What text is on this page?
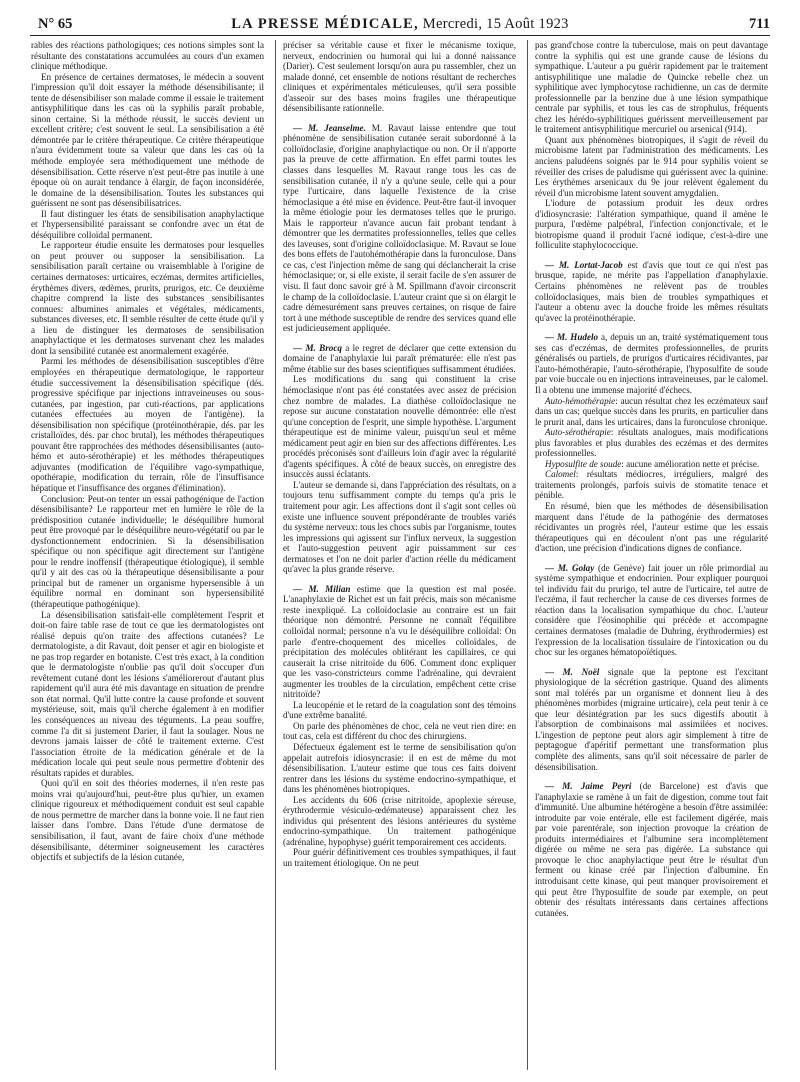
N° 65	LA PRESSE MÉDICALE, Mercredi, 15 Août 1923	711

rables des réactions pathologiques; ces notions simples sont la résultante des constatations accumulées au cours d'un examen clinique méthodique.

En présence de certaines dermatoses, le médecin a souvent l'impression qu'il doit essayer la méthode désensibilisante; il tente de désensibiliser son malade comme il essaie le traitement antisyphilitique dans les cas où la syphilis paraît probable, sinon certaine. Si la méthode réussit, le succès devient un excellent critère; c'est souvent le seul. La sensibilisation a été démontrée par le critère thérapeutique. Ce critère thérapeutique n'aura évidemment toute sa valeur que dans les cas où la méthode employée sera méthodiquement une méthode de désensibilisation. Cette réserve n'est peut-être pas inutile à une époque où on aurait tendance à élargir, de façon inconsidérée, le domaine de la désensibilisation. Toutes les substances qui guérissent ne sont pas désensibilisatrices.

Il faut distinguer les états de sensibilisation anaphylactique et l'hypersensibilité paraissant se confondre avec un état de déséquilibre colloïdal permanent.

Le rapporteur étudie ensuite les dermatoses pour lesquelles on peut prouver ou supposer la sensibilisation. La sensibilisation paraît certaine ou vraisemblable à l'origine de certaines dermatoses: urticaires, eczémas, dermites artificielles, érythèmes divers, œdèmes, prurits, prurigos, etc. Ce deuxième chapitre comprend la liste des substances sensibilisantes connues: albumines animales et végétales, médicaments, substances diverses, etc. Il semble résulter de cette étude qu'il y a lieu de distinguer les dermatoses de sensibilisation anaphylactique et les dermatoses survenant chez les malades dont la sensibilité cutanée est anormalement exagérée.

Parmi les méthodes de désensibilisation susceptibles d'être employées en thérapeutique dermatologique, le rapporteur étudie successivement la désensibilisation spécifique (dés. progressive spécifique par injections intraveineuses ou sous-cutanées, par ingestion, par cuti-réactions, par applications cutanées effectuées au moyen de l'antigène). la désensibilisation non spécifique (protéinothérapie, dés. par les cristalloïdes, dés. par choc brutal), les méthodes thérapeutiques pouvant être rapprochées des méthodes désensibilisantes (auto-hémo et auto-sérothérapie) et les méthodes thérapeutiques adjuvantes (modification de l'équilibre vago-sympathique, opothérapie, modification du terrain, rôle de l'insuffisance hépatique et l'insuffisance des organes d'élimination).

Conclusion: Peut-on tenter un essai pathogénique de l'action désensibilisante? Le rapporteur met en lumière le rôle de la prédisposition cutanée individuelle; le déséquilibre humoral peut être provoqué par le déséquilibre neuro-végétatif ou par le dysfonctionnement endocrinien. Si la désensibilisation spécifique ou non spécifique agit directement sur l'antigène pour le rendre inoffensif (thérapeutique étiologique), il semble qu'il y ait des cas où la thérapeutique désensibilisante a pour principal but de ramener un organisme hypersensible à un équilibre normal en dominant son hypersensibilité (thérapeutique pathogénique).

La désensibilisation satisfait-elle complètement l'esprit et doit-on faire table rase de tout ce que les dermatologistes ont réalisé depuis qu'on traite des affections cutanées? Le dermatologiste, a dit Ravaut, doit penser et agir en biologiste et ne pas trop regarder en botaniste. C'est très exact, à la condition que le dermatologiste n'oublie pas qu'il doit s'occuper d'un revêtement cutané dont les lésions s'améliorerout d'autant plus rapidement qu'il aura été mis davantage en situation de prendre son état normal. Qu'il lutte contre la cause profonde et souvent mystérieuse, soit, mais qu'il cherche également à en modifier les conséquences au niveau des téguments. La peau souffre, comme l'a dit si justement Darier, il faut la soulager. Nous ne devrons jamais laisser de côté le traitement externe. C'est l'association étroite de la médication générale et de la médication locale qui peut seule nous permettre d'obtenir des résultats rapides et durables.

Quoi qu'il en soit des théories modernes, il n'en reste pas moins vrai qu'aujourd'hui, peut-être plus qu'hier, un examen clinique rigoureux et méthodiquement conduit est seul capable de nous permettre de marcher dans la bonne voie. Il ne faut rien laisser dans l'ombre. Dans l'étude d'une dermatose de sensibilisation, il faut, avant de faire choix d'une méthode désensibilisante, déterminer soigneusement les caractères objectifs et subjectifs de la lésion cutanée,

préciser sa véritable cause et fixer le mécanisme toxique, nerveux, endocrinien ou humoral qui lui a donné naissance (Darier). C'est seulement lorsqu'on aura pu rassembler, chez un malade donné, cet ensemble de notions résultant de recherches cliniques et expérimentales méticuleuses, qu'il sera possible d'asseoir sur des bases moins fragiles une thérapeutique désensibilisante rationnelle.

— M. Jeanselme. M. Ravaut laisse entendre que tout phénomène de sensibilisation cutanée serait subordonné à la colloïdoclasie, d'origine anaphylactique ou non. Or il n'apporte pas la preuve de cette affirmation. En effet parmi toutes les classes dans lesquelles M. Ravaut range tous les cas de sensibilisation cutanée, il n'y a qu'une seule, celle qui a pour type l'urticaire, dans laquelle l'existence de la crise hémoclasique a été mise en évidence. Peut-être faut-il invoquer la même étiologie pour les dermatoses telles que le prurigo. Mais le rapporteur n'avance aucun fait probant tendant à démontrer que les dermatites professionnelles, telles que celles des laveuses, sont d'origine colloïdoclasique. M. Ravaut se loue des bons effets de l'autohémothérapie dans la furonculose. Dans ce cas, c'est l'injection même de sang qui déclancherait la crise hémoclasique; or, si elle existe, il serait facile de s'en assurer de visu. Il faut donc savoir gré à M. Spillmann d'avoir circonscrit le champ de la colloïdoclasie. L'auteur craint que si on élargit le cadre démesurément sans preuves certaines, on risque de faire tort à une méthode susceptible de rendre des services quand elle est judicieusement appliquée.

— M. Brocq a le regret de déclarer que cette extension du domaine de l'anaphylaxie lui paraît prématurée: elle n'est pas même établie sur des bases scientifiques suffisamment étudiées.

Les modifications du sang qui constituent la crise hémoclasique n'ont pas été constatées avec assez de précision chez nombre de malades. La diathèse colloïdoclasique ne repose sur aucune constatation nouvelle démontrée: elle n'est qu'une conception de l'esprit, une simple hypothèse. L'argument thérapeutique est de minime valeur, puisqu'un seul et même médicament peut agir en bien sur des affections différentes. Les procédés préconisés sont d'ailleurs loin d'agir avec la régularité d'agents spécifiques. À côté de beaux succès, on enregistre des insuccès aussi éclatants.

L'auteur se demande si, dans l'appréciation des résultats, on a toujours tenu suffisamment compte du temps qu'a pris le traitement pour agir. Les affections dont il s'agit sont celles où existe une influence souvent prépondérante de troubles variés du système nerveux: tous les chocs subis par l'organisme, toutes les impressions qui agissent sur l'influx nerveux, la suggestion et l'auto-suggestion peuvent agir puissamment sur ces dermatoses et l'on ne doit parler d'action réelle du médicament qu'avec la plus grande réserve.

— M. Milian estime que la question est mal posée. L'anaphylaxie de Richet est un fait précis, mais son mécanisme reste inexpliqué. La colloïdoclasie au contraire est un fait théorique non démontré. Personne ne connaît l'équilibre colloïdal normal; personne n'a vu le déséquilibre colloïdal: On parle d'entre-choquement des micelles colloïdales, de précipitation des molécules oblitérant les capillaires, ce qui causerait la crise nitritoïde du 606. Comment donc expliquer que les vaso-constricteurs comme l'adrénaline, qui devraient augmenter les troubles de la circulation, empêchent cette crise nitritoïde?

La leucopénie et le retard de la coagulation sont des témoins d'une extrême banalité.

On parle des phénomènes de choc, cela ne veut rien dire: en tout cas, cela est différent du choc des chirurgiens.

Défectueux également est le terme de sensibilisation qu'on appelait autrefois idiosyncrasie: il en est de même du mot désensibilisation. L'auteur estime que tous ces faits doivent rentrer dans les lésions du système endocrino-sympathique, et dans les phénomènes biotropiques.

Les accidents du 606 (crise nitritoïde, apoplexie séreuse, érythrodermie vésiculo-œdémateuse) apparaissent chez les individus qui présentent des lésions antérieures du système endocrino-sympathique. Un traitement pathogénique (adrénaline, hypophyse) guérit temporairement ces accidents.

Pour guérir définitivement ces troubles sympathiques, il faut un traitement étiologique. On ne peut

pas grand'chose contre la tuberculose, mais on peut davantage contre la syphilis qui est une grande cause de lésions du sympathique. L'auteur a pu guérir rapidement par le traitement antisyphilitique une maladie de Quincke rebelle chez un syphilitique avec lymphocytose rachidienne, un cas de dermite professionnelle par la benzine due à une lésion sympathique centrale par syphilis, et tous les cas de strophulus, fréquents chez les hérédo-syphilitiques guérissent merveilleusement par le traitement antisyphilitique mercuriel ou arsenical (914).

Quant aux phénomènes biotropiques, il s'agit de réveil du microbisme latent par l'administration des médicaments. Les anciens paludéens soignés par le 914 pour syphilis voient se réveiller des crises de paludisme qui guérissent avec la quinine. Les érythèmes arsenicaux du 9e jour relèvent également du réveil d'un microbisme latent souvent amygdalien.

L'iodure de potassium produit les deux ordres d'idiosyncrasie: l'altération sympathique, quand il amène le purpura, l'œdème palpébral, l'infection conjonctivale, et le biotropisme quand il produit l'acné iodique, c'est-à-dire une folliculite staphylococcique.

— M. Lortat-Jacob est d'avis que tout ce qui n'est pas brusque, rapide, ne mérite pas l'appellation d'anaphylaxie. Certains phénomènes ne relèvent pas de troubles colloïdoclasiques, mais bien de troubles sympathiques et l'auteur a obtenu avec la douche froide les mêmes résultats qu'avec la protéinothérapie.

— M. Hudelo a, depuis un an, traité systématiquement tous ses cas d'eczémas, de dermites professionnelles, de prurits généralisés ou partiels, de prurigos d'urticaires récidivantes, par l'auto-hémothérapie, l'auto-sérothérapie, l'hyposulfite de soude par voie buccale ou en injections intraveineuses, par le calomel. Il a obtenu une immense majorité d'échecs.

Auto-hémothérapie: aucun résultat chez les eczémateux sauf dans un cas; quelque succès dans les prurits, en particulier dans le prurit anal, dans les urticaires, dans la furonculose chronique.

Auto-sérothérapie: résultats analogues, mais modifications plus favorables et plus durables des eczémas et des dermites professionnelles.

Hyposulfite de soude: aucune amélioration nette et précise.

Calomel: résultats médiocres, irréguliers, malgré des traitements prolongés, parfois suivis de stomatite tenace et pénible.

En résumé, bien que les méthodes de désensibilisation marquent dans l'étude de la pathogénie des dermatoses récidivantes un progrès réel, l'auteur estime que les essais thérapeutiques qui en découlent n'ont pas une régularité d'action, une précision d'indications dignes de confiance.

— M. Golay (de Genève) fait jouer un rôle primordial au système sympathique et endocrinien. Pour expliquer pourquoi tel individu fait du prurigo, tel autre de l'urticaire, tel autre de l'eczéma, il faut rechercher la cause de ces diverses formes de réaction dans la localisation sympathique du choc. L'auteur considère que l'éosinophilie qui précède et accompagne certaines dermatoses (maladie de Duhring, érythrodermies) est l'expression de la localisation tissulaire de l'intoxication ou du choc sur les organes hématopoïétiques.

— M. Noël signale que la peptone est l'excitant physiologique de la sécrétion gastrique. Quand des aliments sont mal tolérés par un organisme et donnent lieu à des phénomènes morbides (migraine urticaire), cela peut tenir à ce que leur désintégration par les sucs digestifs aboutit à l'absorption de combinaisons mal assimilées et nocives. L'ingestion de peptone peut alors agir simplement à titre de peptagogue d'apéritif permettant une transformation plus complète des aliments, sans qu'il soit nécessaire de parler de désensibilisation.

— M. Jaime Peyri (de Barcelone) est d'avis que l'anaphylaxie se ramène à un fait de digestion, comme tout fait d'immunité. Une albumine hétérogène a besoin d'être assimilée: introduite par voie entérale, elle est facilement digérée, mais par voie parentérale, son injection provoque la création de produits intermédiaires et l'albumine sera incomplètement digérée ou même ne sera pas digérée. La substance qui provoque le choc anaphylactique peut être le résultat d'un ferment ou kinase créé par l'injection d'albumine. En introduisant cette kinase, qui peut manquer provisoirement et qui peut être l'hyposulfite de soude par exemple, on peut obtenir des résultats intéressants dans certaines affections cutanées.
